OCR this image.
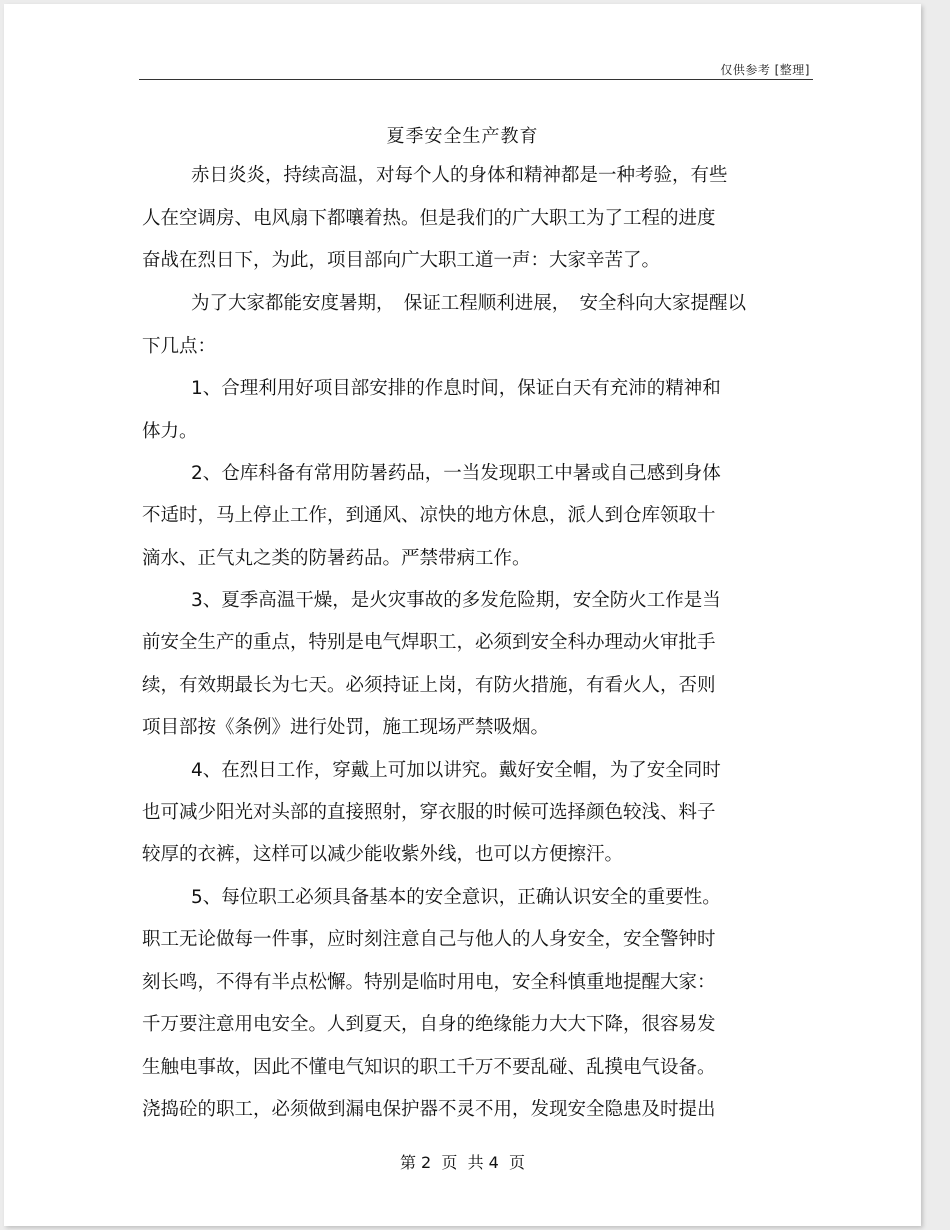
仅供参考 [整理]
夏季安全生产教育
赤日炎炎，持续高温，对每个人的身体和精神都是一种考验，有些
人在空调房、电风扇下都嚷着热。但是我们的广大职工为了工程的进度
奋战在烈日下，为此，项目部向广大职工道一声：大家辛苦了。
为了大家都能安度暑期，　保证工程顺利进展，　安全科向大家提醒以
下几点：
1、合理利用好项目部安排的作息时间，保证白天有充沛的精神和
体力。
2、仓库科备有常用防暑药品，一当发现职工中暑或自己感到身体
不适时，马上停止工作，到通风、凉快的地方休息，派人到仓库领取十
滴水、正气丸之类的防暑药品。严禁带病工作。
3、夏季高温干燥，是火灾事故的多发危险期，安全防火工作是当
前安全生产的重点，特别是电气焊职工，必须到安全科办理动火审批手
续，有效期最长为七天。必须持证上岗，有防火措施，有看火人，否则
项目部按《条例》进行处罚，施工现场严禁吸烟。
4、在烈日工作，穿戴上可加以讲究。戴好安全帽，为了安全同时
也可减少阳光对头部的直接照射，穿衣服的时候可选择颜色较浅、料子
较厚的衣裤，这样可以减少能收紫外线，也可以方便擦汗。
5、每位职工必须具备基本的安全意识，正确认识安全的重要性。
职工无论做每一件事，应时刻注意自己与他人的人身安全，安全警钟时
刻长鸣，不得有半点松懈。特别是临时用电，安全科慎重地提醒大家：
千万要注意用电安全。人到夏天，自身的绝缘能力大大下降，很容易发
生触电事故，因此不懂电气知识的职工千万不要乱碰、乱摸电气设备。
浇捣砼的职工，必须做到漏电保护器不灵不用，发现安全隐患及时提出
第 2  页  共 4  页
